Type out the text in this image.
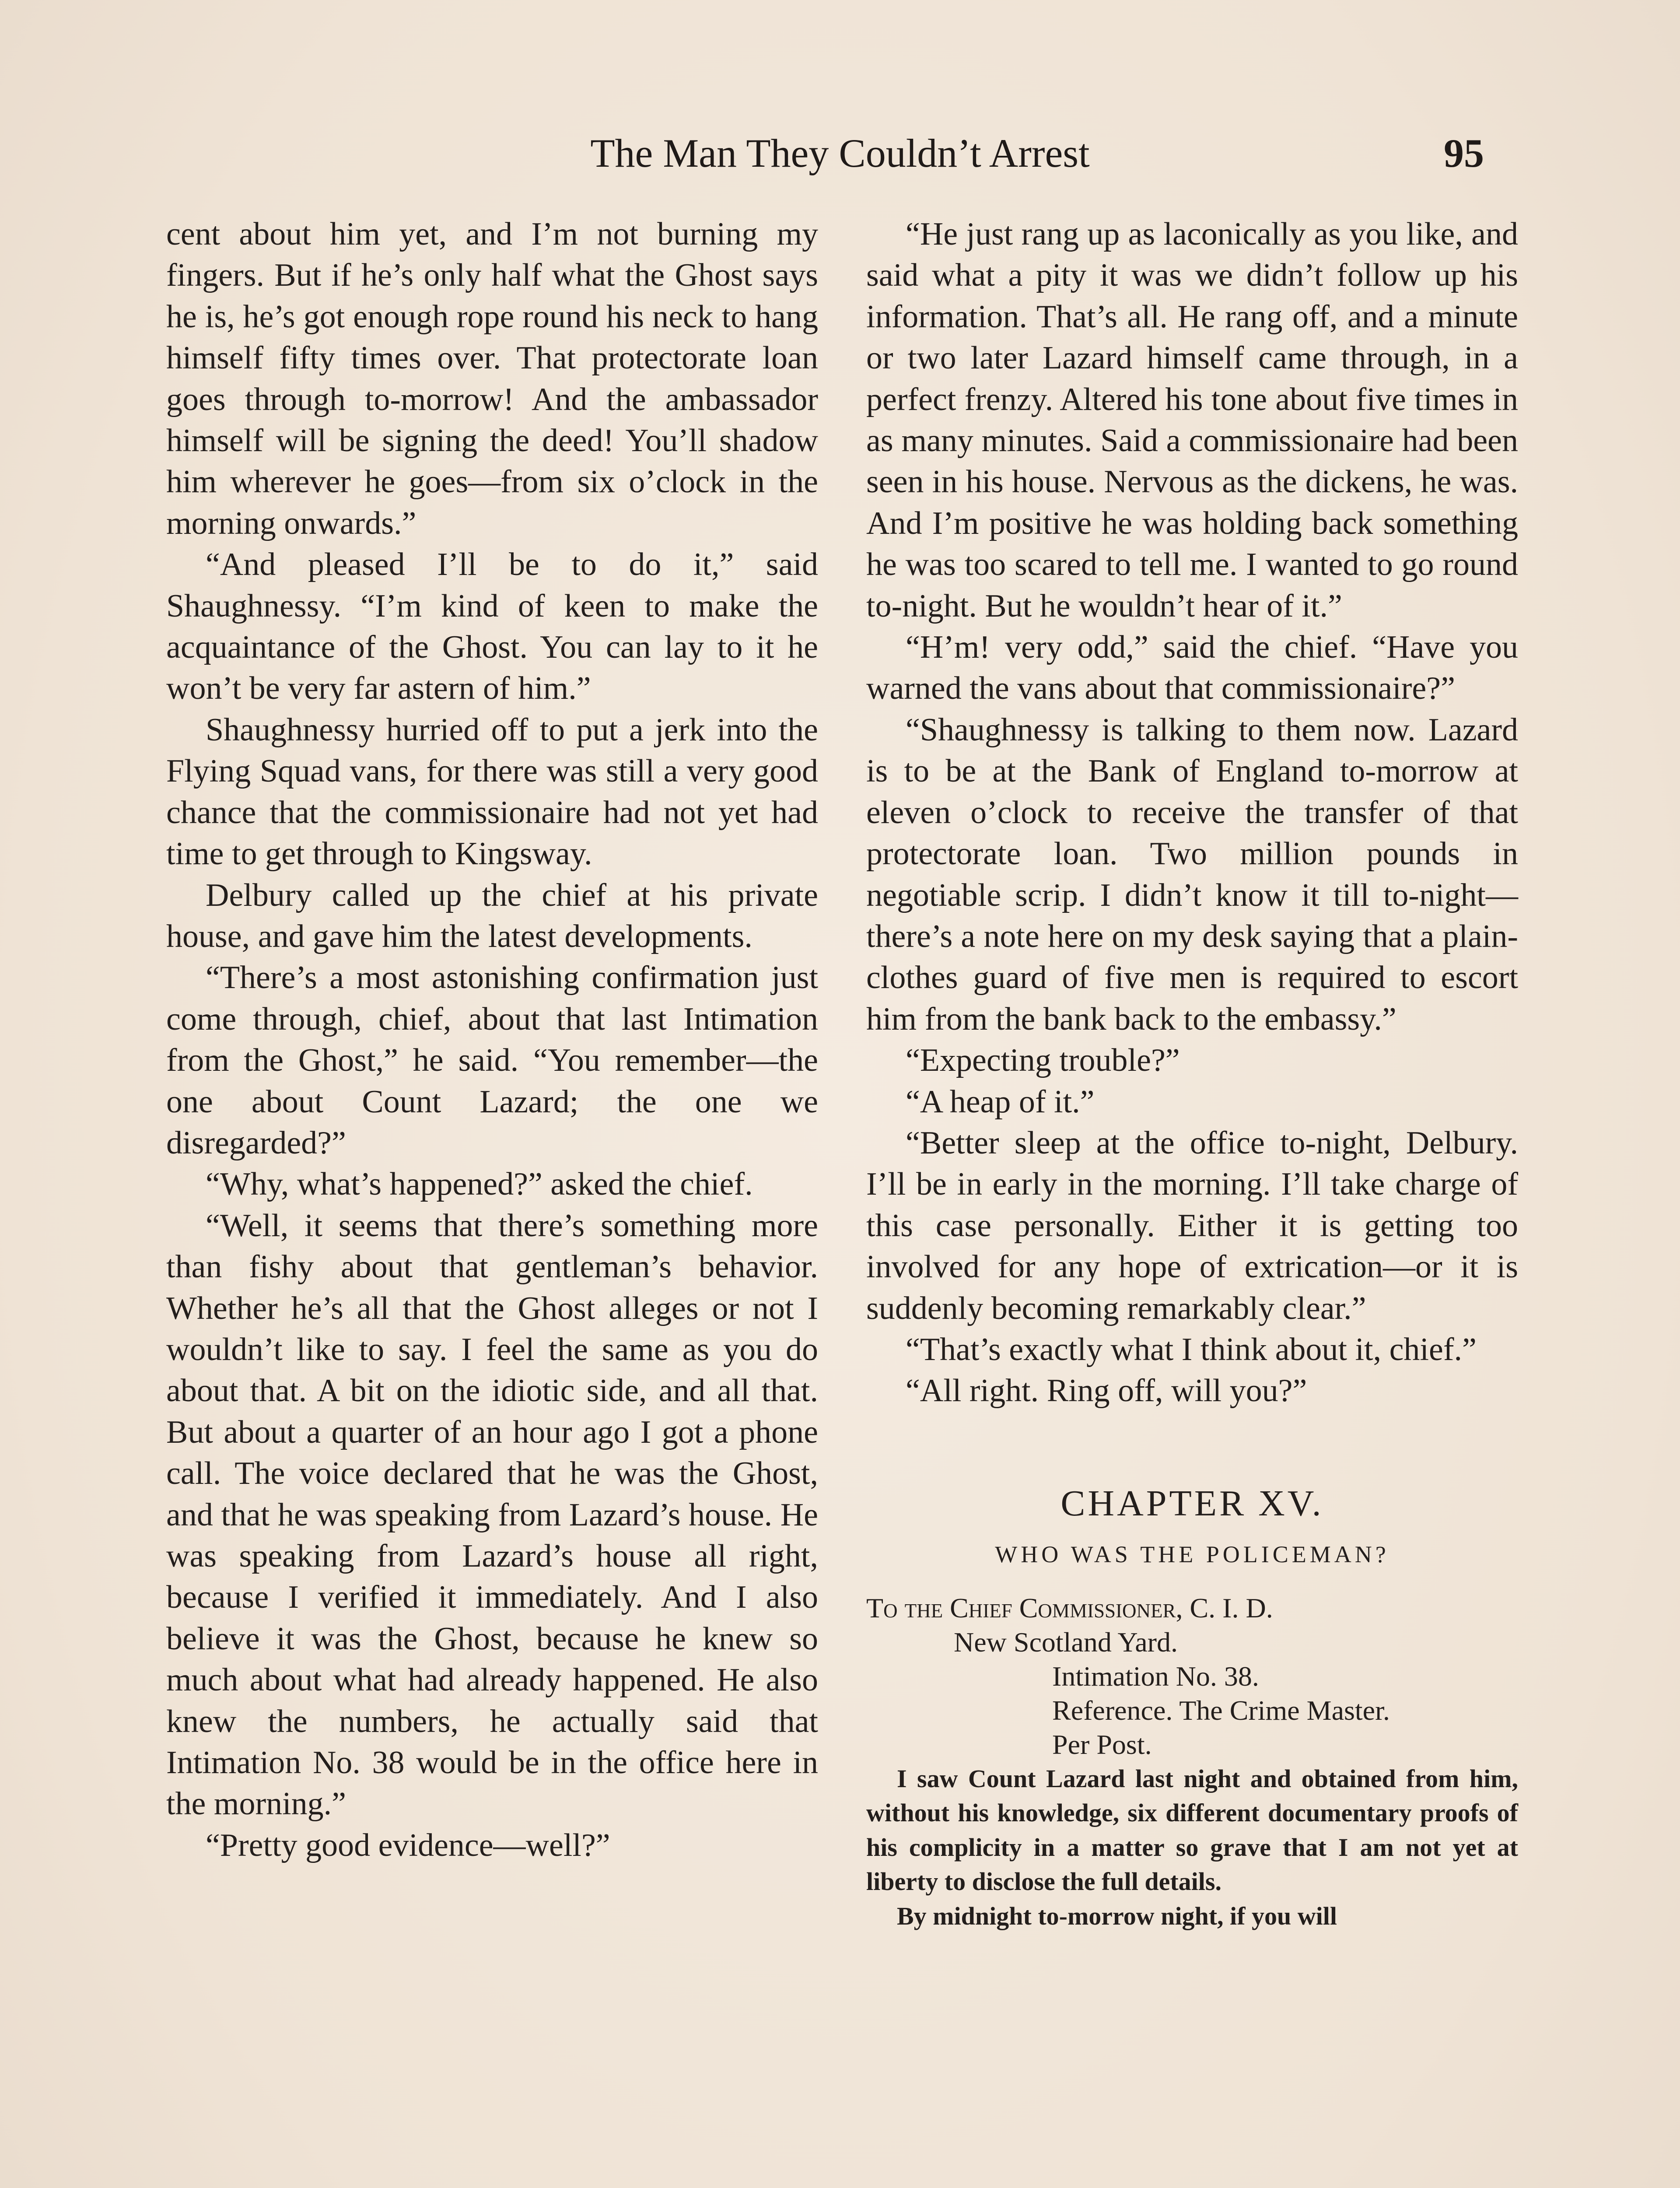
The Man They Couldn’t Arrest	95

cent about him yet, and I’m not burning my fingers. But if he’s only half what the Ghost says he is, he’s got enough rope round his neck to hang himself fifty times over. That protectorate loan goes through to-morrow! And the ambassador himself will be signing the deed! You’ll shadow him wherever he goes—from six o’clock in the morning onwards.”

“And pleased I’ll be to do it,” said Shaughnessy. “I’m kind of keen to make the acquaintance of the Ghost. You can lay to it he won’t be very far astern of him.”

Shaughnessy hurried off to put a jerk into the Flying Squad vans, for there was still a very good chance that the commissionaire had not yet had time to get through to Kingsway.

Delbury called up the chief at his private house, and gave him the latest developments.

“There’s a most astonishing confirmation just come through, chief, about that last Intimation from the Ghost,” he said. “You remember—the one about Count Lazard; the one we disregarded?”

“Why, what’s happened?” asked the chief.

“Well, it seems that there’s something more than fishy about that gentleman’s behavior. Whether he’s all that the Ghost alleges or not I wouldn’t like to say. I feel the same as you do about that. A bit on the idiotic side, and all that. But about a quarter of an hour ago I got a phone call. The voice declared that he was the Ghost, and that he was speaking from Lazard’s house. He was speaking from Lazard’s house all right, because I verified it immediately. And I also believe it was the Ghost, because he knew so much about what had already happened. He also knew the numbers, he actually said that Intimation No. 38 would be in the office here in the morning.”

“Pretty good evidence—well?”

“He just rang up as laconically as you like, and said what a pity it was we didn’t follow up his information. That’s all. He rang off, and a minute or two later Lazard himself came through, in a perfect frenzy. Altered his tone about five times in as many minutes. Said a commissionaire had been seen in his house. Nervous as the dickens, he was. And I’m positive he was holding back something he was too scared to tell me. I wanted to go round to-night. But he wouldn’t hear of it.”

“H’m! very odd,” said the chief. “Have you warned the vans about that commissionaire?”

“Shaughnessy is talking to them now. Lazard is to be at the Bank of England to-morrow at eleven o’clock to receive the transfer of that protectorate loan. Two million pounds in negotiable scrip. I didn’t know it till to-night—there’s a note here on my desk saying that a plain-clothes guard of five men is required to escort him from the bank back to the embassy.”

“Expecting trouble?”

“A heap of it.”

“Better sleep at the office to-night, Delbury. I’ll be in early in the morning. I’ll take charge of this case personally. Either it is getting too involved for any hope of extrication—or it is suddenly becoming remarkably clear.”

“That’s exactly what I think about it, chief.”

“All right. Ring off, will you?”

CHAPTER XV.
WHO WAS THE POLICEMAN?
To the Chief Commissioner, C. I. D.
New Scotland Yard.
Intimation No. 38.
Reference. The Crime Master.
Per Post.

I saw Count Lazard last night and obtained from him, without his knowledge, six different documentary proofs of his complicity in a matter so grave that I am not yet at liberty to disclose the full details.

By midnight to-morrow night, if you will
